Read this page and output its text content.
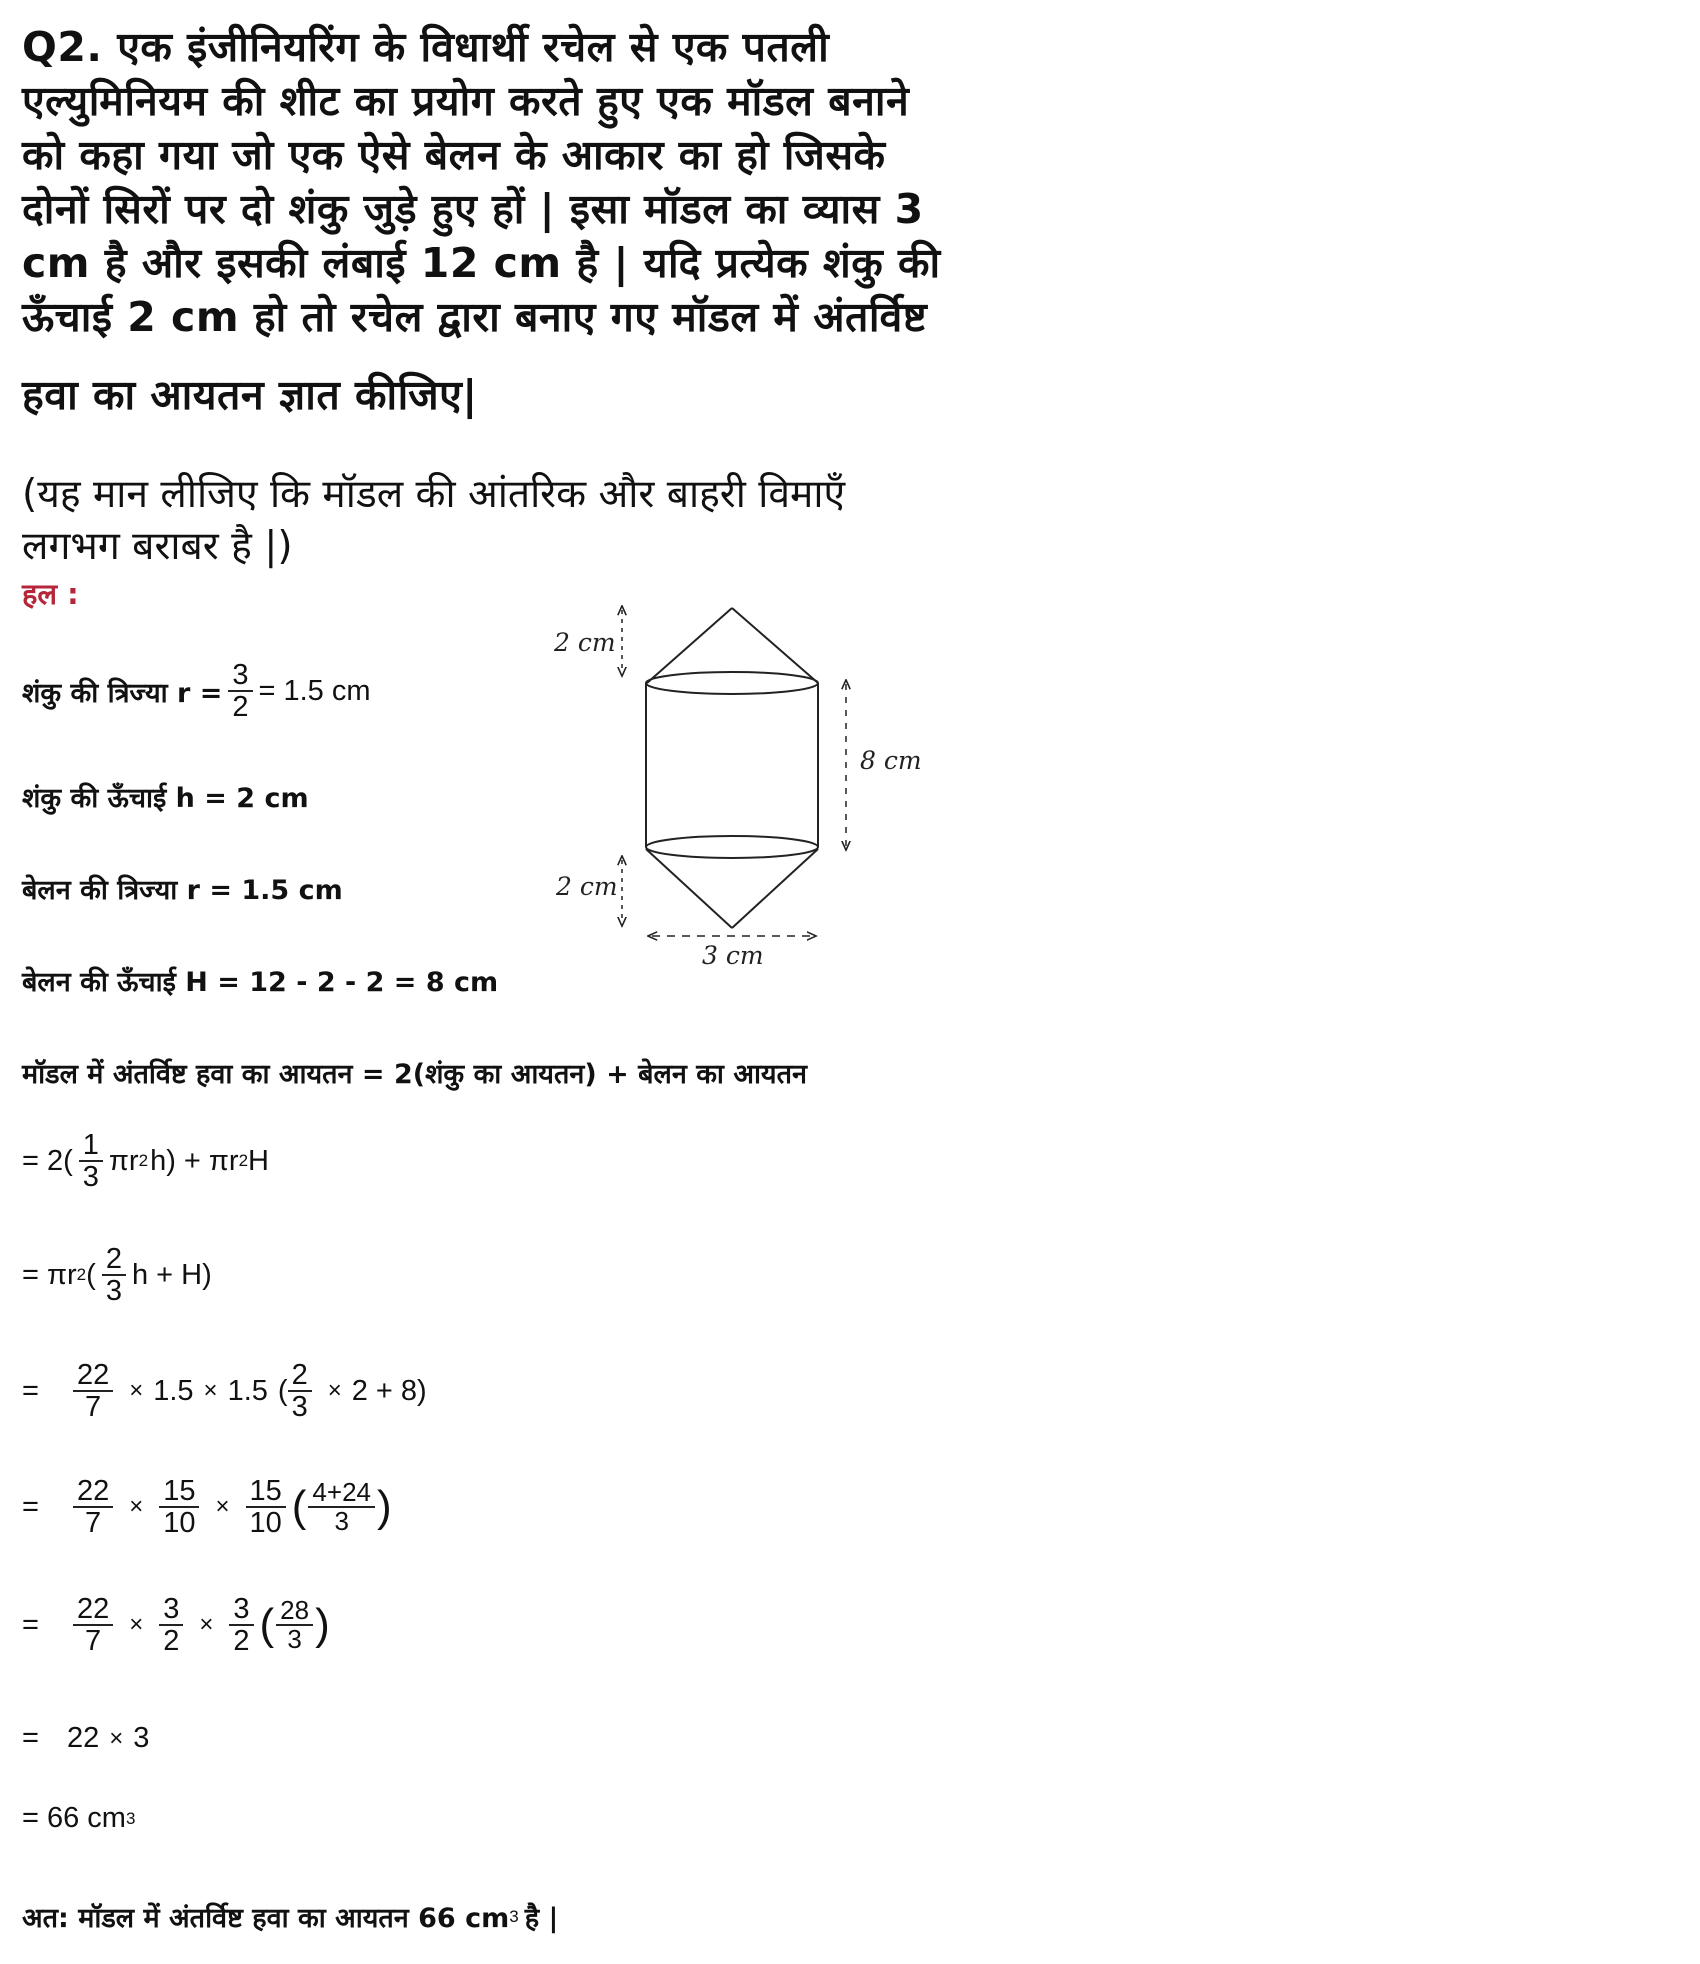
Q2. एक इंजीनियरिंग के विधार्थी रचेल से एक पतली
एल्युमिनियम की शीट का प्रयोग करते हुए एक मॉडल बनाने
को कहा गया जो एक ऐसे बेलन के आकार का हो जिसके
दोनों सिरों पर दो शंकु जुड़े हुए हों | इसा मॉडल का व्यास 3
cm है और इसकी लंबाई 12 cm है | यदि प्रत्येक शंकु की
ऊँचाई 2 cm हो तो रचेल द्वारा बनाए गए मॉडल में अंतर्विष्ट
हवा का आयतन ज्ञात कीजिए|
(यह मान लीजिए कि मॉडल की आंतरिक और बाहरी विमाएँ
लगभग बराबर है |)
हल :
शंकु की त्रिज्या $r = \frac{3}{2} = 1.5$ cm
शंकु की ऊँचाई h = 2 cm
बेलन की त्रिज्या r = 1.5 cm
बेलन की ऊँचाई H = 12 - 2 - 2 = 8 cm
मॉडल में अंतर्विष्ट हवा का आयतन = 2(शंकु का आयतन) + बेलन का आयतन
= $2( \frac{1}{3}$ πr 2 h) + πr 2 H
= πr 2 ( $\frac{2}{3}$ h + H)
= $\frac{22}{7} \times 1.5 \times 1.5$ ( $\frac{2}{3} \times 2 + 8$)
= $\frac{22}{7} \times \frac{15}{10} \times \frac{15}{10}$ ( $\frac{4+24}{3}$ )
= $\frac{22}{7} \times \frac{3}{2} \times \frac{3}{2}$ ( $\frac{28}{3}$ )
= 22 × 3
= 66 cm 3
अत: मॉडल में अंतर्विष्ट हवा का आयतन 66 cm 3 है |
2 cm
8 cm
2 cm
3 cm
